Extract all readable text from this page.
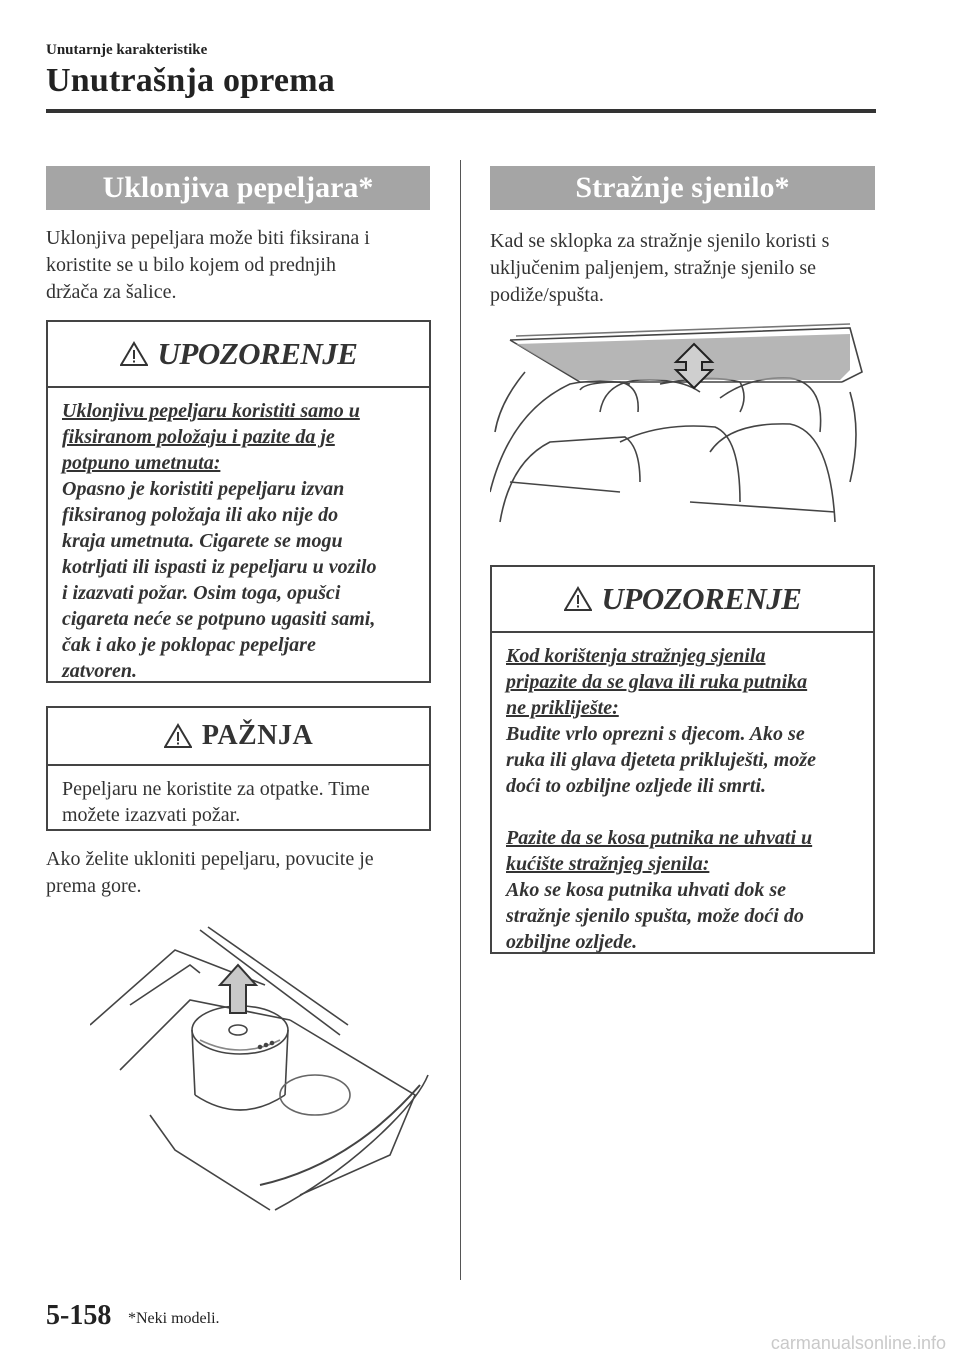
Unutarnje karakteristike
Unutrašnja oprema
Uklonjiva pepeljara*
Uklonjiva pepeljara može biti fiksirana i
koristite se u bilo kojem od prednjih
držača za šalice.
UPOZORENJE
Uklonjivu pepeljaru koristiti samo u
fiksiranom položaju i pazite da je
potpuno umetnuta:
Opasno je koristiti pepeljaru izvan
fiksiranog položaja ili ako nije do
kraja umetnuta. Cigarete se mogu
kotrljati ili ispasti iz pepeljaru u vozilo
i izazvati požar. Osim toga, opušci
cigareta neće se potpuno ugasiti sami,
čak i ako je poklopac pepeljare
zatvoren.
PAŽNJA
Pepeljaru ne koristite za otpatke. Time
možete izazvati požar.
Ako želite ukloniti pepeljaru, povucite je
prema gore.
Stražnje sjenilo*
Kad se sklopka za stražnje sjenilo koristi s
uključenim paljenjem, stražnje sjenilo se
podiže/spušta.
UPOZORENJE
Kod korištenja stražnjeg sjenila
pripazite da se glava ili ruka putnika
ne prikliješte:
Budite vrlo oprezni s djecom. Ako se
ruka ili glava djeteta priklиješti, može
doći to ozbiljne ozljede ili smrti.
Pazite da se kosa putnika ne uhvati u
kućište stražnjeg sjenila:
Ako se kosa putnika uhvati dok se
stražnje sjenilo spušta, može doći do
ozbiljne ozljede.
5-158 *Neki modeli.
carmanualsonline.info
